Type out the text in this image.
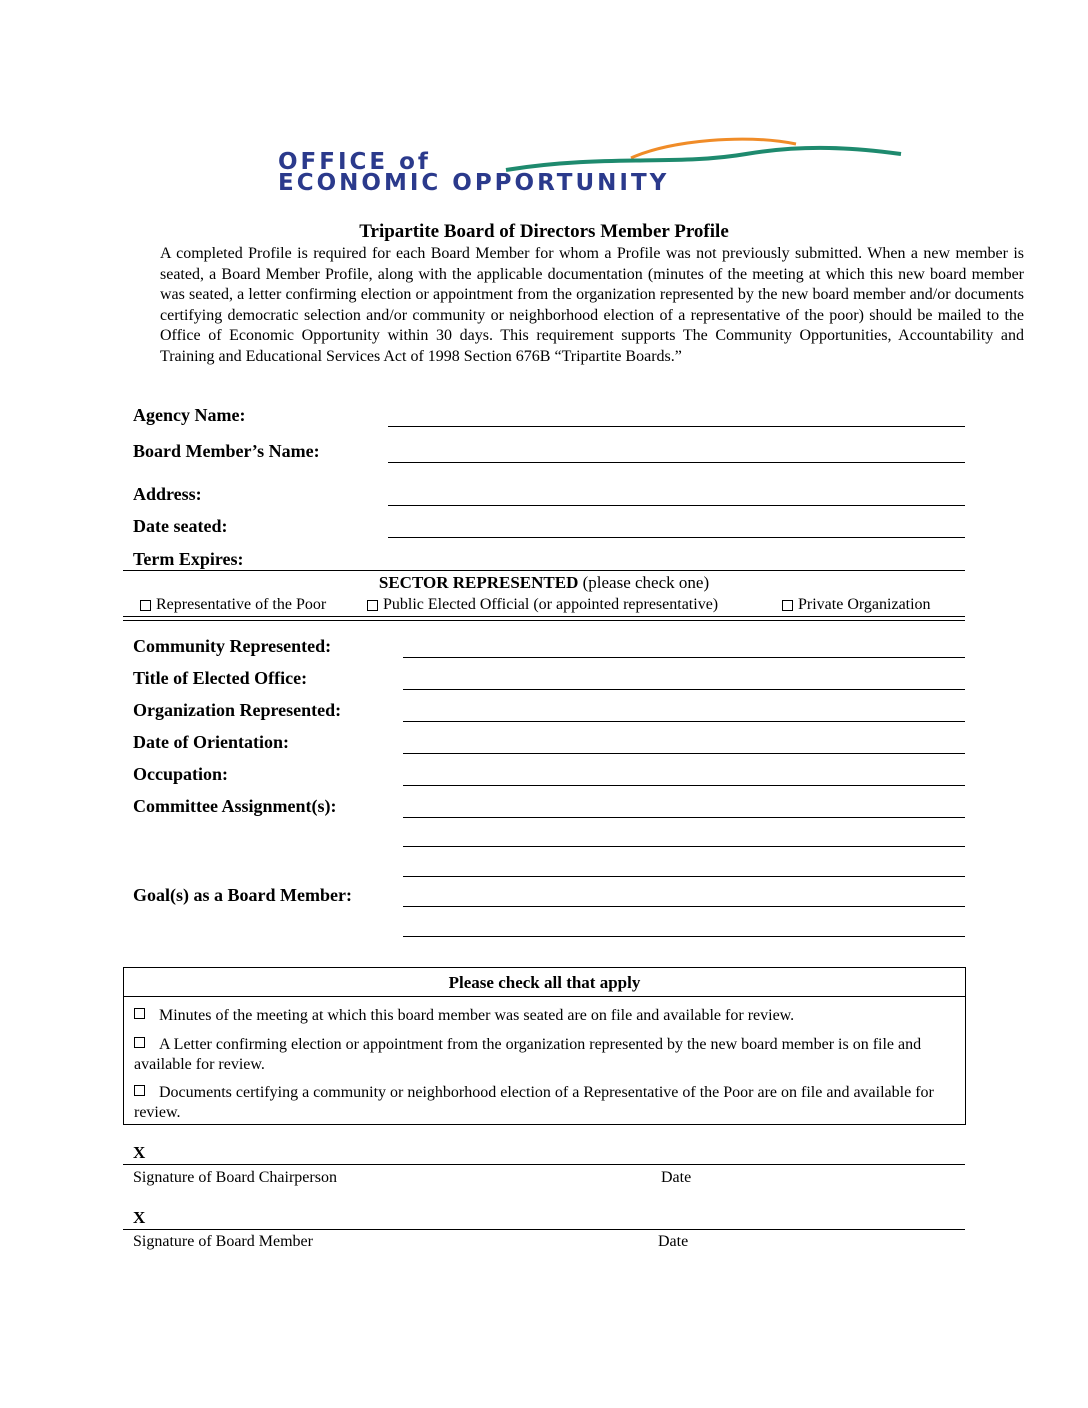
OFFICE of
ECONOMIC OPPORTUNITY
Tripartite Board of Directors Member Profile
A completed Profile is required for each Board Member for whom a Profile was not previously submitted. When a new member is seated, a Board Member Profile, along with the applicable documentation (minutes of the meeting at which this new board member was seated, a letter confirming election or appointment from the organization represented by the new board member and/or documents certifying democratic selection and/or community or neighborhood election of a representative of the poor) should be mailed to the Office of Economic Opportunity within 30 days. This requirement supports The Community Opportunities, Accountability and Training and Educational Services Act of 1998 Section 676B “Tripartite Boards.”
Agency Name:
Board Member’s Name:
Address:
Date seated:
Term Expires:
SECTOR REPRESENTED (please check one)
Representative of the Poor	Public Elected Official (or appointed representative)	Private Organization
Community Represented:
Title of Elected Office:
Organization Represented:
Date of Orientation:
Occupation:
Committee Assignment(s):
Goal(s) as a Board Member:
Please check all that apply
Minutes of the meeting at which this board member was seated are on file and available for review.
A Letter confirming election or appointment from the organization represented by the new board member is on file and available for review.
Documents certifying a community or neighborhood election of a Representative of the Poor are on file and available for review.
X
Signature of Board Chairperson	Date
X
Signature of Board Member	Date
